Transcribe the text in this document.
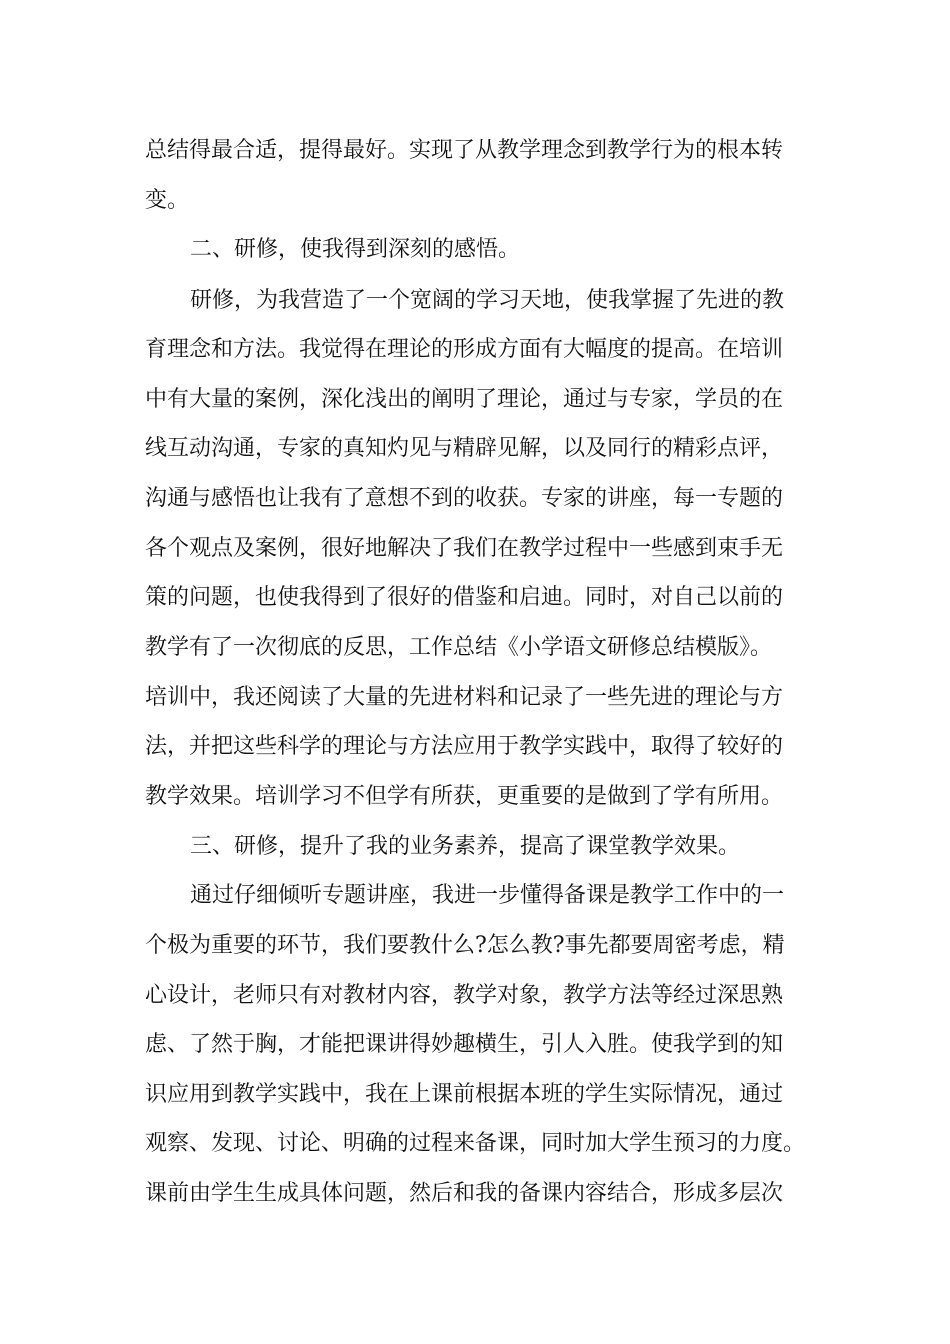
总结得最合适，提得最好。实现了从教学理念到教学行为的根本转
变。
二、研修，使我得到深刻的感悟。
研修，为我营造了一个宽阔的学习天地，使我掌握了先进的教
育理念和方法。我觉得在理论的形成方面有大幅度的提高。在培训
中有大量的案例，深化浅出的阐明了理论，通过与专家，学员的在
线互动沟通，专家的真知灼见与精辟见解，以及同行的精彩点评，
沟通与感悟也让我有了意想不到的收获。专家的讲座，每一专题的
各个观点及案例，很好地解决了我们在教学过程中一些感到束手无
策的问题，也使我得到了很好的借鉴和启迪。同时，对自己以前的
教学有了一次彻底的反思，工作总结《小学语文研修总结模版》。
培训中，我还阅读了大量的先进材料和记录了一些先进的理论与方
法，并把这些科学的理论与方法应用于教学实践中，取得了较好的
教学效果。培训学习不但学有所获，更重要的是做到了学有所用。
三、研修，提升了我的业务素养，提高了课堂教学效果。
通过仔细倾听专题讲座，我进一步懂得备课是教学工作中的一
个极为重要的环节，我们要教什么?怎么教?事先都要周密考虑，精
心设计，老师只有对教材内容，教学对象，教学方法等经过深思熟
虑、了然于胸，才能把课讲得妙趣横生，引人入胜。使我学到的知
识应用到教学实践中，我在上课前根据本班的学生实际情况，通过
观察、发现、讨论、明确的过程来备课，同时加大学生预习的力度。
课前由学生生成具体问题，然后和我的备课内容结合，形成多层次
